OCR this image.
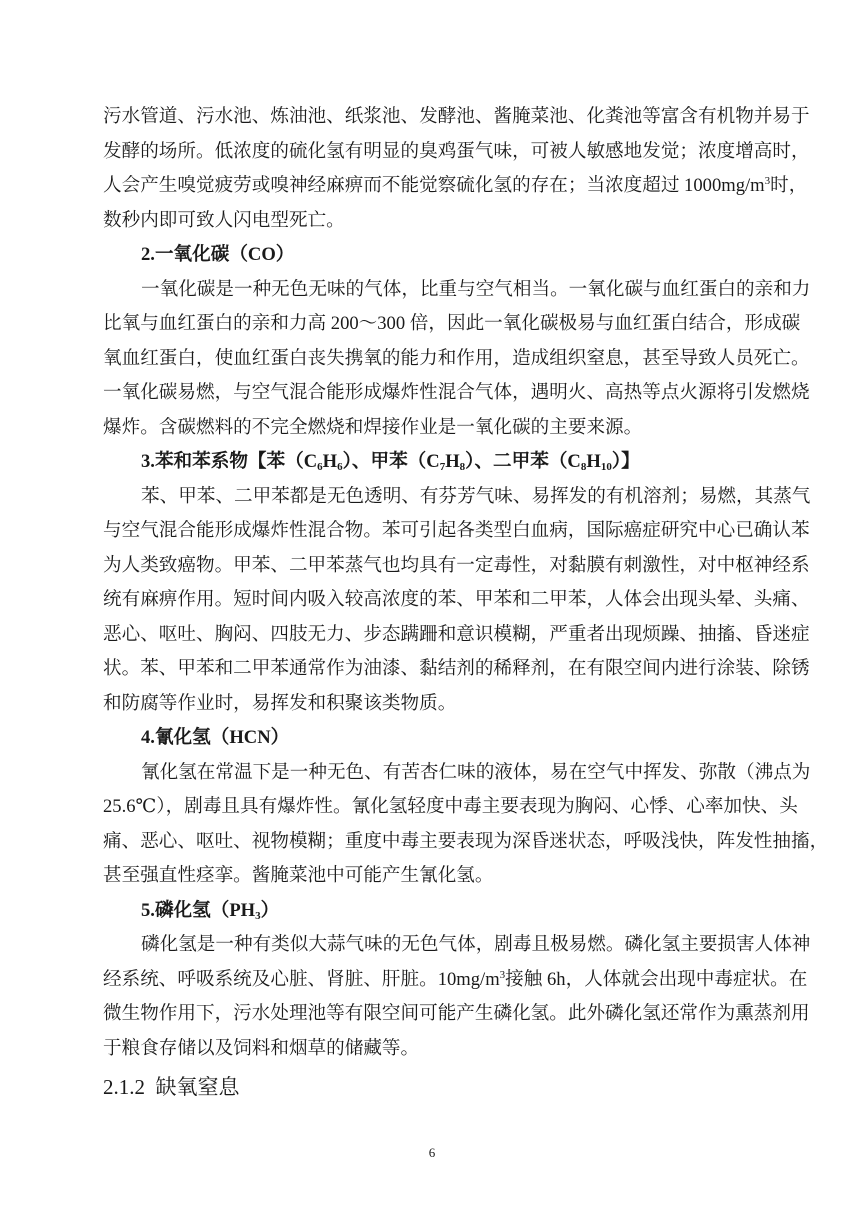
污水管道、污水池、炼油池、纸浆池、发酵池、酱腌菜池、化粪池等富含有机物并易于
发酵的场所。低浓度的硫化氢有明显的臭鸡蛋气味，可被人敏感地发觉；浓度增高时，
人会产生嗅觉疲劳或嗅神经麻痹而不能觉察硫化氢的存在；当浓度超过 $1000mg/m^3$时，
数秒内即可致人闪电型死亡。
2.一氧化碳（CO）
一氧化碳是一种无色无味的气体，比重与空气相当。一氧化碳与血红蛋白的亲和力
比氧与血红蛋白的亲和力高 200～300 倍，因此一氧化碳极易与血红蛋白结合，形成碳
氧血红蛋白，使血红蛋白丧失携氧的能力和作用，造成组织窒息，甚至导致人员死亡。
一氧化碳易燃，与空气混合能形成爆炸性混合气体，遇明火、高热等点火源将引发燃烧
爆炸。含碳燃料的不完全燃烧和焊接作业是一氧化碳的主要来源。
3.苯和苯系物【苯$(C_6H_6)$、甲苯$(C_7H_8)$、二甲苯$(C_8H_{10})$】
苯、甲苯、二甲苯都是无色透明、有芬芳气味、易挥发的有机溶剂；易燃，其蒸气
与空气混合能形成爆炸性混合物。苯可引起各类型白血病，国际癌症研究中心已确认苯
为人类致癌物。甲苯、二甲苯蒸气也均具有一定毒性，对黏膜有刺激性，对中枢神经系
统有麻痹作用。短时间内吸入较高浓度的苯、甲苯和二甲苯，人体会出现头晕、头痛、
恶心、呕吐、胸闷、四肢无力、步态蹒跚和意识模糊，严重者出现烦躁、抽搐、昏迷症
状。苯、甲苯和二甲苯通常作为油漆、黏结剂的稀释剂，在有限空间内进行涂装、除锈
和防腐等作业时，易挥发和积聚该类物质。
4.氰化氢（HCN）
氰化氢在常温下是一种无色、有苦杏仁味的液体，易在空气中挥发、弥散（沸点为
25.6℃），剧毒且具有爆炸性。氰化氢轻度中毒主要表现为胸闷、心悸、心率加快、头
痛、恶心、呕吐、视物模糊；重度中毒主要表现为深昏迷状态，呼吸浅快，阵发性抽搐，
甚至强直性痉挛。酱腌菜池中可能产生氰化氢。
5.磷化氢$(PH_3)$
磷化氢是一种有类似大蒜气味的无色气体，剧毒且极易燃。磷化氢主要损害人体神
经系统、呼吸系统及心脏、肾脏、肝脏。$10mg/m^3$接触 6h，人体就会出现中毒症状。在
微生物作用下，污水处理池等有限空间可能产生磷化氢。此外磷化氢还常作为熏蒸剂用
于粮食存储以及饲料和烟草的储藏等。
2.1.2  缺氧窒息
6
